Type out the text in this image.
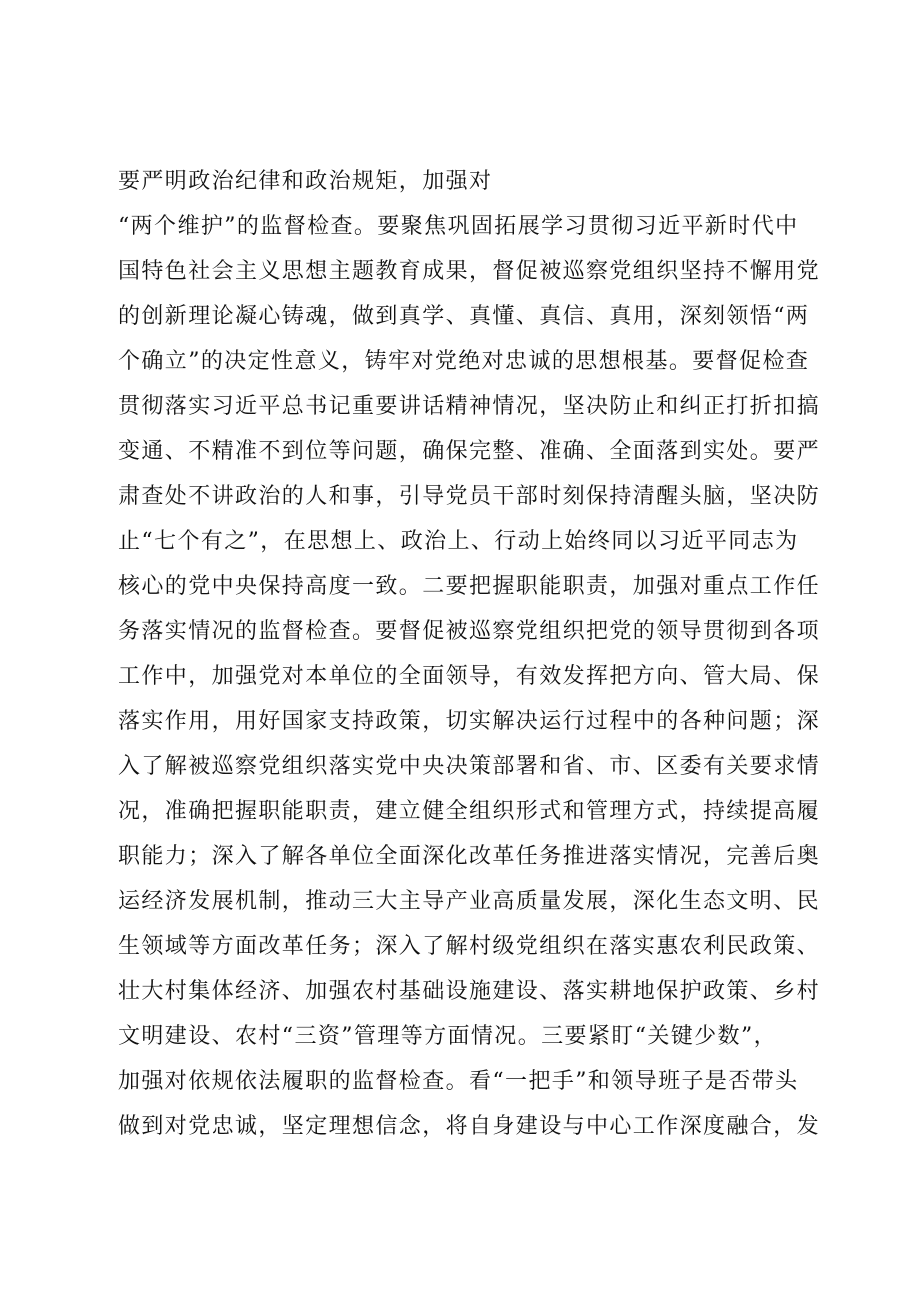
要严明政治纪律和政治规矩，加强对
“两个维护”的监督检查。要聚焦巩固拓展学习贯彻习近平新时代中
国特色社会主义思想主题教育成果，督促被巡察党组织坚持不懈用党
的创新理论凝心铸魂，做到真学、真懂、真信、真用，深刻领悟“两
个确立”的决定性意义，铸牢对党绝对忠诚的思想根基。要督促检查
贯彻落实习近平总书记重要讲话精神情况，坚决防止和纠正打折扣搞
变通、不精准不到位等问题，确保完整、准确、全面落到实处。要严
肃查处不讲政治的人和事，引导党员干部时刻保持清醒头脑，坚决防
止“七个有之”，在思想上、政治上、行动上始终同以习近平同志为
核心的党中央保持高度一致。二要把握职能职责，加强对重点工作任
务落实情况的监督检查。要督促被巡察党组织把党的领导贯彻到各项
工作中，加强党对本单位的全面领导，有效发挥把方向、管大局、保
落实作用，用好国家支持政策，切实解决运行过程中的各种问题；深
入了解被巡察党组织落实党中央决策部署和省、市、区委有关要求情
况，准确把握职能职责，建立健全组织形式和管理方式，持续提高履
职能力；深入了解各单位全面深化改革任务推进落实情况，完善后奥
运经济发展机制，推动三大主导产业高质量发展，深化生态文明、民
生领域等方面改革任务；深入了解村级党组织在落实惠农利民政策、
壮大村集体经济、加强农村基础设施建设、落实耕地保护政策、乡村
文明建设、农村“三资”管理等方面情况。三要紧盯“关键少数”，
加强对依规依法履职的监督检查。看“一把手”和领导班子是否带头
做到对党忠诚，坚定理想信念，将自身建设与中心工作深度融合，发
